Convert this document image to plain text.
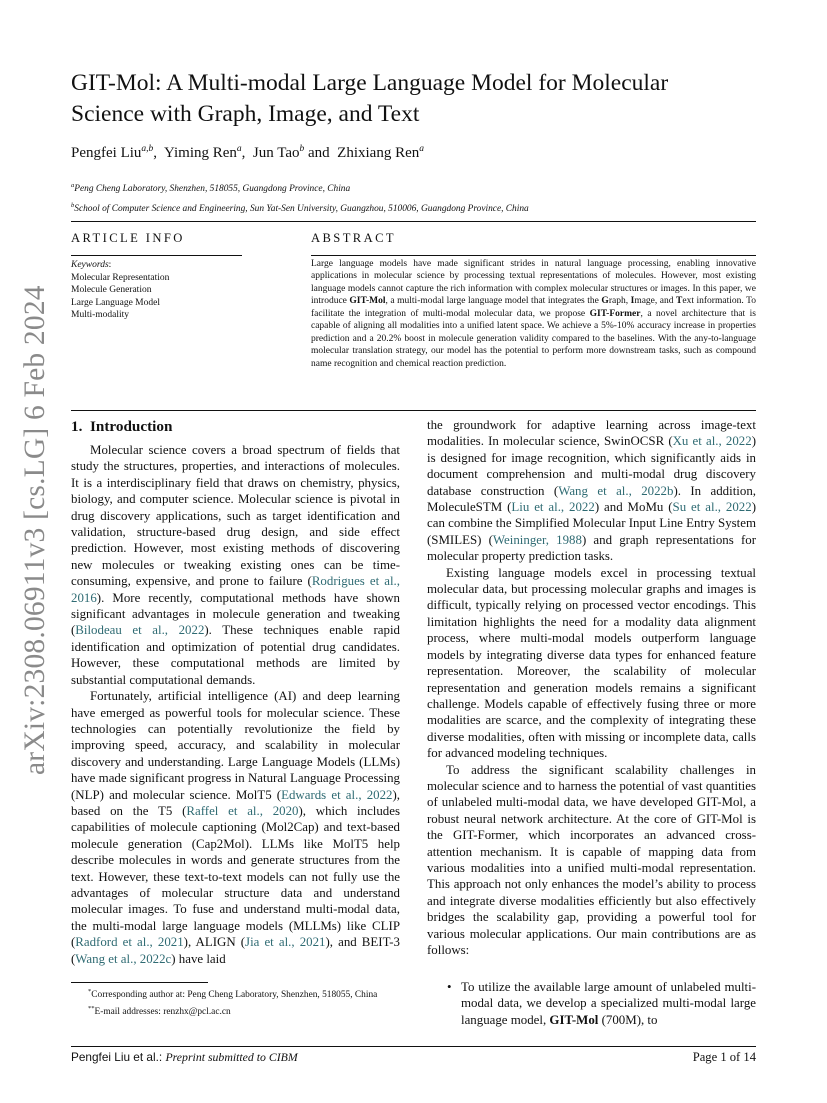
arXiv:2308.06911v3 [cs.LG] 6 Feb 2024
GIT-Mol: A Multi-modal Large Language Model for Molecular
Science with Graph, Image, and Text
Pengfei Liu$^{a,b}$,  Yiming Ren$^a$,  Jun Tao$^b$ and Zhixiang Ren$^a$
$^a$Peng Cheng Laboratory, Shenzhen, 518055, Guangdong Province, China
$^b$School of Computer Science and Engineering, Sun Yat-Sen University, Guangzhou, 510006, Guangdong Province, China
ARTICLE INFO
Keywords:
Molecular Representation
Molecule Generation
Large Language Model
Multi-modality
ABSTRACT

Large language models have made significant strides in natural language processing, enabling innovative applications in molecular science by processing textual representations of molecules. However, most existing language models cannot capture the rich information with complex molecular structures or images. In this paper, we introduce GIT-Mol, a multi-modal large language model that integrates the Graph, Image, and Text information. To facilitate the integration of multi-modal molecular data, we propose GIT-Former, a novel architecture that is capable of aligning all modalities into a unified latent space. We achieve a 5%-10% accuracy increase in properties prediction and a 20.2% boost in molecule generation validity compared to the baselines. With the any-to-language molecular translation strategy, our model has the potential to perform more downstream tasks, such as compound name recognition and chemical reaction prediction.

1. Introduction

Molecular science covers a broad spectrum of fields that study the structures, properties, and interactions of molecules. It is a interdisciplinary field that draws on chemistry, physics, biology, and computer science. Molecular science is pivotal in drug discovery applications, such as target identification and validation, structure-based drug design, and side effect prediction. However, most existing methods of discovering new molecules or tweaking existing ones can be time-consuming, expensive, and prone to failure (Rodrigues et al., 2016). More recently, computational methods have shown significant advantages in molecule generation and tweaking (Bilodeau et al., 2022). These techniques enable rapid identification and optimization of potential drug candidates. However, these computational methods are limited by substantial computational demands.

Fortunately, artificial intelligence (AI) and deep learning have emerged as powerful tools for molecular science. These technologies can potentially revolutionize the field by improving speed, accuracy, and scalability in molecular discovery and understanding. Large Language Models (LLMs) have made significant progress in Natural Language Processing (NLP) and molecular science. MolT5 (Edwards et al., 2022), based on the T5 (Raffel et al., 2020), which includes capabilities of molecule captioning (Mol2Cap) and text-based molecule generation (Cap2Mol). LLMs like MolT5 help describe molecules in words and generate structures from the text. However, these text-to-text models can not fully use the advantages of molecular structure data and understand molecular images. To fuse and understand multi-modal data, the multi-modal large language models (MLLMs) like CLIP (Radford et al., 2021), ALIGN (Jia et al., 2021), and BEIT-3 (Wang et al., 2022c) have laid

*Corresponding author at: Peng Cheng Laboratory, Shenzhen, 518055, China
**E-mail addresses: renzhx@pcl.ac.cn

the groundwork for adaptive learning across image-text modalities. In molecular science, SwinOCSR (Xu et al., 2022) is designed for image recognition, which significantly aids in document comprehension and multi-modal drug discovery database construction (Wang et al., 2022b). In addition, MoleculeSTM (Liu et al., 2022) and MoMu (Su et al., 2022) can combine the Simplified Molecular Input Line Entry System (SMILES) (Weininger, 1988) and graph representations for molecular property prediction tasks.

Existing language models excel in processing textual molecular data, but processing molecular graphs and images is difficult, typically relying on processed vector encodings. This limitation highlights the need for a modality data alignment process, where multi-modal models outperform language models by integrating diverse data types for enhanced feature representation. Moreover, the scalability of molecular representation and generation models remains a significant challenge. Models capable of effectively fusing three or more modalities are scarce, and the complexity of integrating these diverse modalities, often with missing or incomplete data, calls for advanced modeling techniques.

To address the significant scalability challenges in molecular science and to harness the potential of vast quantities of unlabeled multi-modal data, we have developed GIT-Mol, a robust neural network architecture. At the core of GIT-Mol is the GIT-Former, which incorporates an advanced cross-attention mechanism. It is capable of mapping data from various modalities into a unified multi-modal representation. This approach not only enhances the model’s ability to process and integrate diverse modalities efficiently but also effectively bridges the scalability gap, providing a powerful tool for various molecular applications. Our main contributions are as follows:

• To utilize the available large amount of unlabeled multi-modal data, we develop a specialized multi-modal large language model, GIT-Mol (700M), to
Pengfei Liu et al.: Preprint submitted to CIBM	Page 1 of 14
